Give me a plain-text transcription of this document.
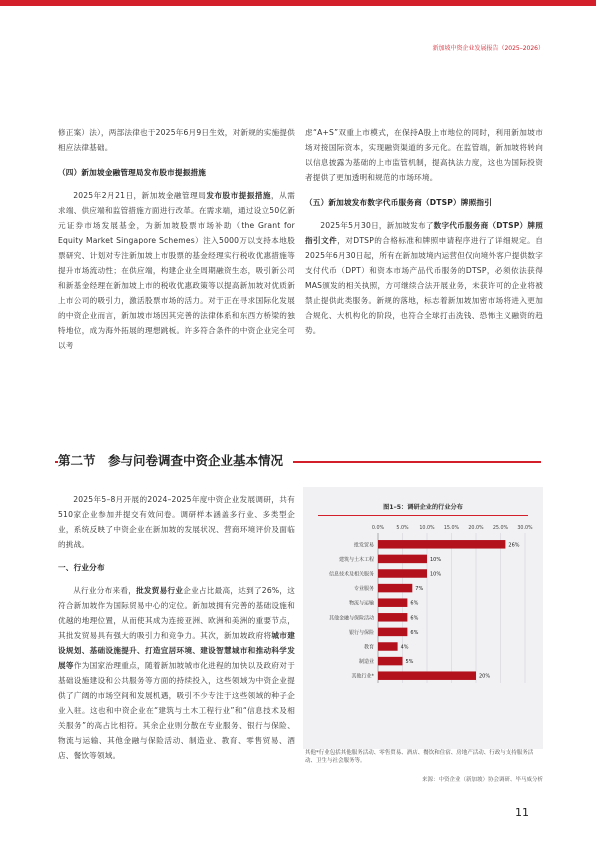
新加坡中资企业发展报告（2025–2026）

修正案）法），两部法律也于2025年6月9日生效，对新规的实施提供相应法律基础。

（四）新加坡金融管理局发布股市提振措施

2025年2月21日，新加坡金融管理局发布股市提振措施，从需求端、供应端和监管措施方面进行改革。在需求端，通过设立50亿新元证券市场发展基金，为新加坡股票市场补助（the Grant for Equity Market Singapore Schemes）注入5000万以支持本地股票研究、计划对专注新加坡上市股票的基金经理实行税收优惠措施等提升市场流动性；在供应端，构建企业全周期融资生态，吸引新公司和新基金经理在新加坡上市的税收优惠政策等以提高新加坡对优质新上市公司的吸引力，激活股票市场的活力。对于正在寻求国际化发展的中资企业而言，新加坡市场因其完善的法律体系和东西方桥梁的独特地位，成为海外拓展的理想跳板。许多符合条件的中资企业完全可以考

虑“A+S”双重上市模式，在保持A股上市地位的同时，利用新加坡市场对接国际资本，实现融资渠道的多元化。在监管端，新加坡将转向以信息披露为基础的上市监管机制，提高执法力度，这也为国际投资者提供了更加透明和规范的市场环境。

（五）新加坡发布数字代币服务商（DTSP）牌照指引

2025年5月30日，新加坡发布了数字代币服务商（DTSP）牌照指引文件，对DTSP的合格标准和牌照申请程序进行了详细规定。自2025年6月30日起，所有在新加坡境内运营但仅向境外客户提供数字支付代币（DPT）和资本市场产品代币服务的DTSP，必须依法获得MAS颁发的相关执照，方可继续合法开展业务，未获许可的企业将被禁止提供此类服务。新规的落地，标志着新加坡加密市场将进入更加合规化、大机构化的阶段，也符合全球打击洗钱、恐怖主义融资的趋势。

第二节　参与问卷调查中资企业基本情况

2025年5–8月开展的2024–2025年度中资企业发展调研，共有510家企业参加并提交有效问卷。调研样本涵盖多行业、多类型企业，系统反映了中资企业在新加坡的发展状况、营商环境评价及面临的挑战。

一、行业分布

从行业分布来看，批发贸易行业企业占比最高，达到了26%，这符合新加坡作为国际贸易中心的定位。新加坡拥有完善的基础设施和优越的地理位置，从而使其成为连接亚洲、欧洲和美洲的重要节点，其批发贸易具有强大的吸引力和竞争力。其次，新加坡政府将城市建设规划、基础设施提升、打造宜居环境、建设智慧城市和推动科学发展等作为国家治理重点，随着新加坡城市化进程的加快以及政府对于基础设施建设和公共服务等方面的持续投入，这些领域为中资企业提供了广阔的市场空间和发展机遇，吸引不少专注于这些领域的种子企业入驻。这也和中资企业在“建筑与土木工程行业”和“信息技术及相关服务”的高占比相符。其余企业则分散在专业服务、银行与保险、物流与运输、其他金融与保险活动、制造业、教育、零售贸易、酒店、餐饮等领域。

图1–5：调研企业的行业分布
0.0%	5.0% 10.0% 15.0% 20.0% 25.0% 30.0%
批发贸易	26%
建筑与土木工程	10%
信息技术及相关服务	10%
专业服务	7%
物流与运输	6%
其他金融与保险活动	6%
银行与保险	6%
教育	4%
制造业	5%
其他行业*	20%
其他*行业包括其他服务活动、零售贸易、酒店、餐饮和住宿、房地产活动、行政与支持服务活动、卫生与社会服务等。
来源：中资企业（新加坡）协会调研、毕马威分析
11
